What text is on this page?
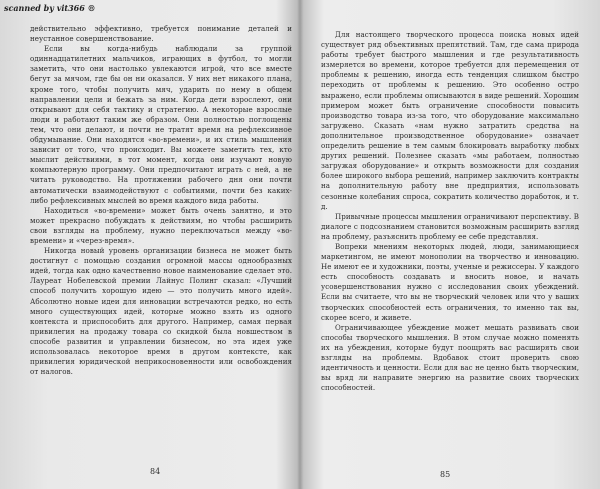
scanned by vit366 ®

действительно эффективно, требуется понимание деталей и неустанное совершенствование.

Если вы когда-нибудь наблюдали за группой одиннадцатилетних мальчиков, играющих в футбол, то могли заметить, что они настолько увлекаются игрой, что все вместе бегут за мячом, где бы он ни оказался. У них нет никакого плана, кроме того, чтобы получить мяч, ударить по нему в общем направлении цели и бежать за ним. Когда дети взрослеют, они открывают для себя тактику и стратегию. А некоторые взрослые люди и работают таким же образом. Они полностью поглощены тем, что они делают, и почти не тратят время на рефлексивное обдумывание. Они находятся «во-времени», и их стиль мышления зависит от того, что происходит. Вы можете заметить тех, кто мыслит действиями, в тот момент, когда они изучают новую компьютерную программу. Они предпочитают играть с ней, а не читать руководство. На протяжении рабочего дня они почти автоматически взаимодействуют с событиями, почти без каких-либо рефлексивных мыслей во время каждого вида работы.

Находиться «во-времени» может быть очень занятно, и это может прекрасно побуждать к действиям, но чтобы расширить свои взгляды на проблему, нужно переключаться между «во-времени» и «через-время».

Никогда новый уровень организации бизнеса не может быть достигнут с помощью создания огромной массы однообразных идей, тогда как одно качественно новое наименование сделает это. Лауреат Нобелевской премии Лайнус Полинг сказал: «Лучший способ получить хорошую идею — это получить много идей». Абсолютно новые идеи для инновации встречаются редко, но есть много существующих идей, которые можно взять из одного контекста и приспособить для другого. Например, самая первая привилегия на продажу товара со скидкой была новшеством в способе развития и управлении бизнесом, но эта идея уже использовалась некоторое время в другом контексте, как привилегия юридической неприкосновенности или освобождения от налогов.

84

Для настоящего творческого процесса поиска новых идей существует ряд объективных препятствий. Там, где сама природа работы требует быстрого мышления и где результативность измеряется во времени, которое требуется для перемещения от проблемы к решению, иногда есть тенденция слишком быстро переходить от проблемы к решению. Это особенно остро выражено, если проблемы описываются в виде решений. Хорошим примером может быть ограничение способности повысить производство товара из-за того, что оборудование максимально загружено. Сказать «нам нужно затратить средства на дополнительное производственное оборудование» означает определить решение в тем самым блокировать выработку любых других решений. Полезнее сказать «мы работаем, полностью загружая оборудование» и открыть возможности для создания более широкого выбора решений, например заключить контракты на дополнительную работу вне предприятия, использовать сезонные колебания спроса, сократить количество доработок, и т. д.

Привычные процессы мышления ограничивают перспективу. В диалоге с подсознанием становится возможным расширить взгляд на проблему, разъяснить проблему ее себе представляя.

Вопреки мнениям некоторых людей, люди, занимающиеся маркетингом, не имеют монополии на творчество и инновацию. Не имеют ее и художники, поэты, ученые и режиссеры. У каждого есть способность создавать и вносить новое, и начать усовершенствования нужно с исследования своих убеждений. Если вы считаете, что вы не творческий человек или что у ваших творческих способностей есть ограничения, то именно так вы, скорее всего, и живете.

Ограничивающее убеждение может мешать развивать свои способы творческого мышления. В этом случае можно поменять их на убеждения, которые будут поощрять вас расширять свои взгляды на проблемы. Вдобавок стоит проверить свою идентичность и ценности. Если для вас не ценно быть творческим, вы вряд ли направите энергию на развитие своих творческих способностей.

85
